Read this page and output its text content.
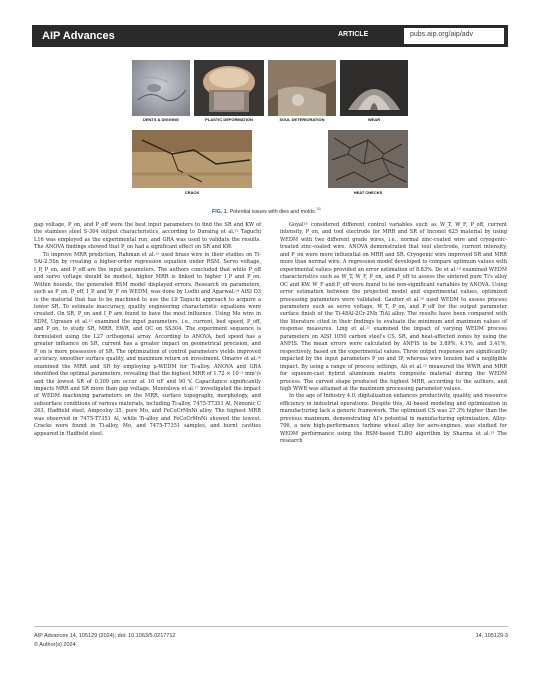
AIP Advances	ARTICLE	pubs.aip.org/aip/adv
DENTS & DIGGING	PLASTIC DEFORMATION	SOUL DETERIORATION	WEAR
CRACK	HEAT CHECKS
FIG. 1. Potential issues with dies and molds.$^{15}$

gap voltage, P_on, and P_off were the best input parameters to find the SR and KW of the stainless steel S-304 output characteristics, according to Durairaj et al.¹² Taguchi L16 was employed as the experimental run, and GRA was used to validate the results. The ANOVA findings showed that P_on had a significant effect on SR and KW.

To improve MRR prediction, Rahman et al.¹³ used brass wire in their studies on Ti-5Al-2.5Sn by creating a higher-order regression equation under RSM. Servo voltage, I_P, P_on, and P_off are the input parameters. The authors concluded that while P_off and servo voltage should be modest, higher MRR is linked to higher I_P and P_on. Within bounds, the generated RSM model displayed errors. Research on parameters, such as P_on, P_off, I_P, and W_F on WEDM, was done by Lodhi and Agarwal.¹⁴ AISI D3 is the material that has to be machined to use the L9 Taguchi approach to acquire a lower SR. To estimate inaccuracy, quality engineering characteristic equations were created. On SR, P_on and I_P are found to have the most influence. Using Mo wire in EDM, Ugrasen et al.¹⁵ examined the input parameters, i.e., current, bed speed, P_off, and P_on, to study SR, MRR, EWR, and OC on SS304. The experiment sequence is formulated using the L27 orthogonal array. According to ANOVA, bed speed has a greater influence on SR, current has a greater impact on geometrical precision, and P_on is more possessive of SR. The optimization of control parameters yields improved accuracy, smoother surface quality, and maximum return on investment. Omarov et al.¹⁶ examined the MRR and SR by employing μ-WEDM for Ti-alloy. ANOVA and GRA identified the optimal parameters, revealing that the highest MRR of 1.72 × 10⁻² mm³/s and the lowest SR of 0.309 μm occur at 10 nF and 90 V. Capacitance significantly impacts MRR and SR more than gap voltage. Mouralova et al.¹⁷ investigated the impact of WEDM machining parameters on the MRR, surface topography, morphology, and subsurface conditions of various materials, including Ti-alloy, 7475-T7351 Al, Nimonic C 263, Hadfield steel, Ampcoloy 35, pure Mo, and FeCoCrMnNi alloy. The highest MRR was observed in 7475-T7351 Al, while Ti-alloy and FeCoCrMnNi showed the lowest. Cracks were found in Ti-alloy, Mo, and 7475-T7351 samples, and burnt cavities appeared in Hadfield steel.

Goyal¹⁸ considered different control variables such as W_T, W_F, P_off, current intensity, P_on, and tool electrode for MRR and SR of Inconel 625 material by using WEDM with two different grade wires, i.e., normal zinc-coated wire and cryogenic-treated zinc-coated wire. ANOVA demonstrated that tool electrode, current intensity, and P_on were more influential on MRR and SR. Cryogenic wire improved SR and MRR more than normal wire. A regression model developed to compare optimum values with experimental values provided an error estimation of 8.83%. De et al.¹⁹ examined WEDM characteristics such as W_T, W_F, P_on, and P_off to assess the sintered pure Ti's alloy OC and KW. W_F and P_off were found to be non-significant variables by ANOVA. Using error estimation between the projected model and experimental values, optimized processing parameters were validated. Gautier et al.²⁰ used WEDM to assess process parameters such as servo voltage, W_T, P_on, and P_off for the output parameter surface finish of the Ti-48Al-2Cr-2Nb TiAl alloy. The results have been compared with the literature cited in their findings to evaluate the minimum and maximum values of response measures. Ling et al.²¹ examined the impact of varying WEDM process parameters on AISI 1050 carbon steel's CS, SR, and heat-affected zones by using the ANFIS. The mean errors were calculated by ANFIS to be 3.89%, 4.1%, and 3.41%, respectively, based on the experimental values. Three output responses are significantly impacted by the input parameters P_on and IP, whereas wire tension had a negligible impact. By using a range of process settings, Ali et al.²² measured the WWR and MRR for squeeze-cast hybrid aluminum matrix composite material during the WEDM process. The curved shape produced the highest MRR, according to the authors, and high WWR was attained at the maximum processing parameter values.

In the age of Industry 4.0, digitalization enhances productivity, quality, and resource efficiency in industrial operations. Despite this, AI-based modeling and optimization in manufacturing lack a generic framework. The optimized CS was 27.3% higher than the previous maximum, demonstrating AI's potential in manufacturing optimization. Alloy-706, a new high-performance turbine wheel alloy for aero-engines, was studied for WEDM performance using the RSM-based TLBO algorithm by Sharma et al.²³ The research

AIP Advances 14, 105129 (2024); doi: 10.1063/5.0217712
© Author(s) 2024
14, 105129-3
